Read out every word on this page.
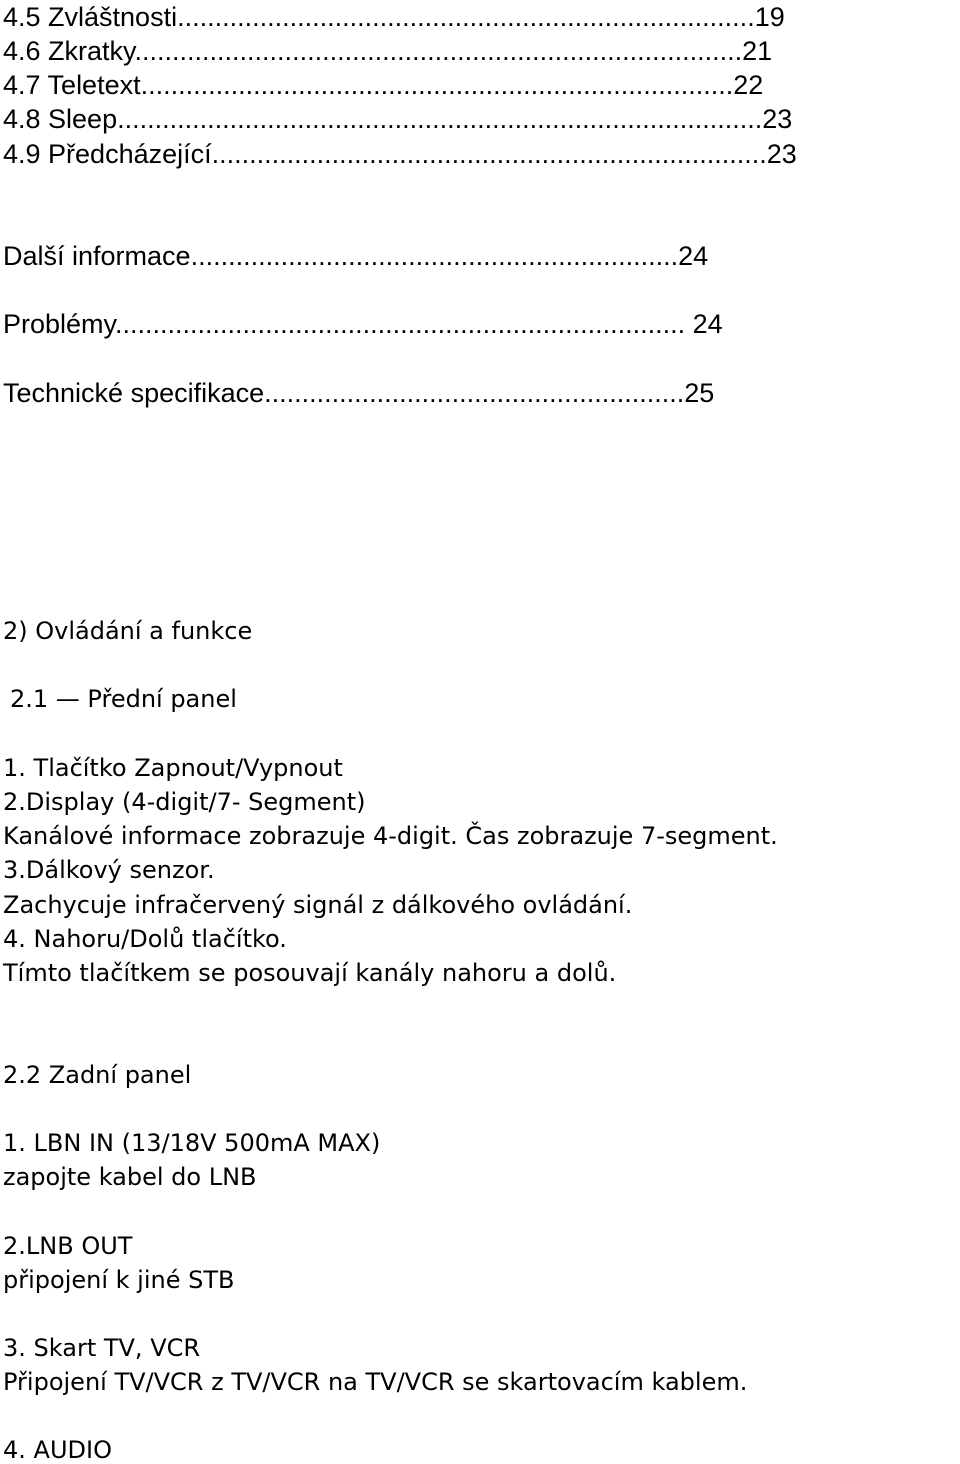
4.5 Zvláštnosti.............................................................................19
4.6 Zkratky.................................................................................21
4.7 Teletext...............................................................................22
4.8 Sleep......................................................................................23
4.9 Předcházející..........................................................................23
Další informace.................................................................24
Problémy............................................................................ 24
Technické specifikace........................................................25
2) Ovládání a funkce
2.1 — Přední panel
1. Tlačítko Zapnout/Vypnout
2.Display (4-digit/7- Segment)
Kanálové informace zobrazuje 4-digit. Čas zobrazuje 7-segment.
3.Dálkový senzor.
Zachycuje infračervený signál z dálkového ovládání.
4. Nahoru/Dolů tlačítko.
Tímto tlačítkem se posouvají kanály nahoru a dolů.
2.2 Zadní panel
1. LBN IN (13/18V 500mA MAX)
zapojte kabel do LNB
2.LNB OUT
připojení k jiné STB
3. Skart TV, VCR
Připojení TV/VCR z TV/VCR na TV/VCR se skartovacím kablem.
4. AUDIO
